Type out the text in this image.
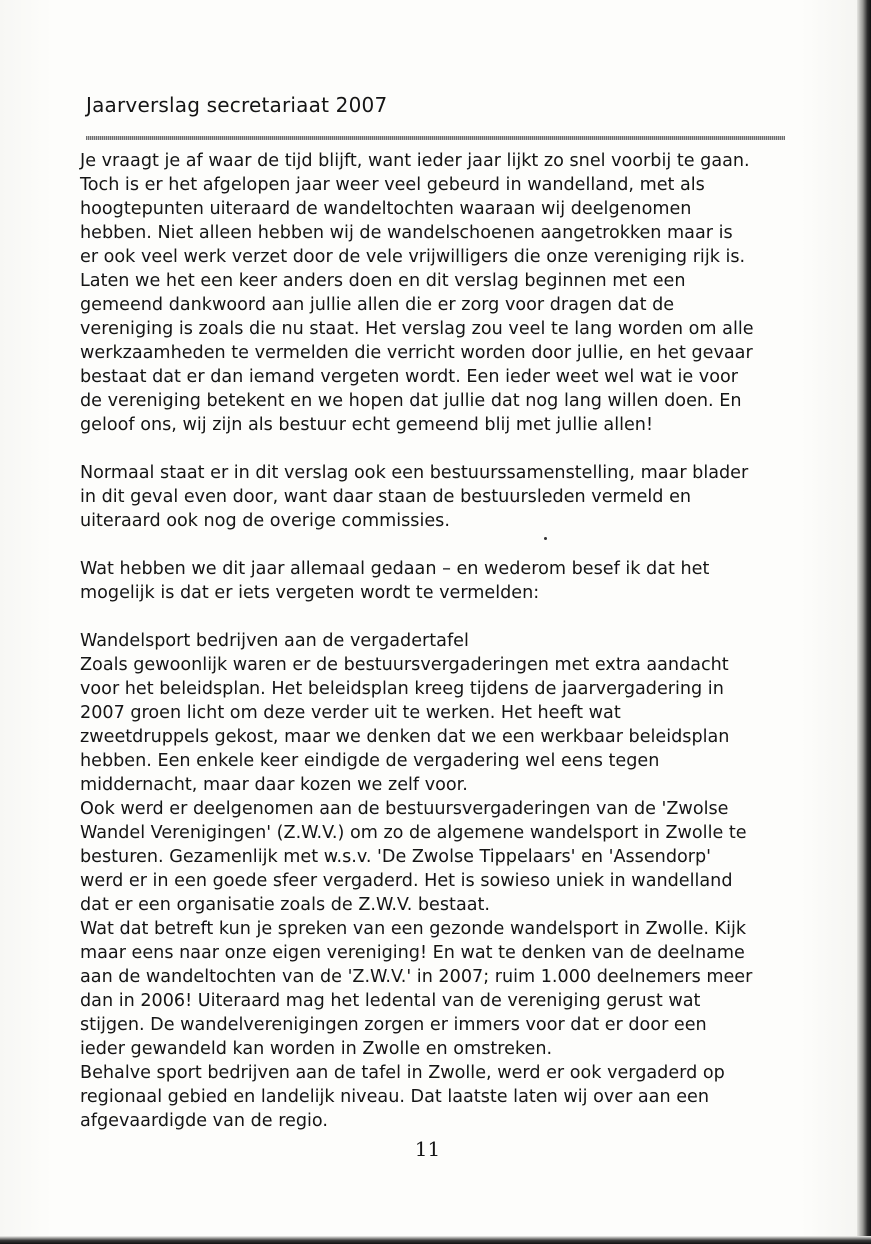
Jaarverslag secretariaat 2007
Je vraagt je af waar de tijd blijft, want ieder jaar lijkt zo snel voorbij te gaan.
Toch is er het afgelopen jaar weer veel gebeurd in wandelland, met als
hoogtepunten uiteraard de wandeltochten waaraan wij deelgenomen
hebben. Niet alleen hebben wij de wandelschoenen aangetrokken maar is
er ook veel werk verzet door de vele vrijwilligers die onze vereniging rijk is.
Laten we het een keer anders doen en dit verslag beginnen met een
gemeend dankwoord aan jullie allen die er zorg voor dragen dat de
vereniging is zoals die nu staat. Het verslag zou veel te lang worden om alle
werkzaamheden te vermelden die verricht worden door jullie, en het gevaar
bestaat dat er dan iemand vergeten wordt. Een ieder weet wel wat ie voor
de vereniging betekent en we hopen dat jullie dat nog lang willen doen. En
geloof ons, wij zijn als bestuur echt gemeend blij met jullie allen!
Normaal staat er in dit verslag ook een bestuurssamenstelling, maar blader
in dit geval even door, want daar staan de bestuursleden vermeld en
uiteraard ook nog de overige commissies.
Wat hebben we dit jaar allemaal gedaan – en wederom besef ik dat het
mogelijk is dat er iets vergeten wordt te vermelden:
Wandelsport bedrijven aan de vergadertafel
Zoals gewoonlijk waren er de bestuursvergaderingen met extra aandacht
voor het beleidsplan. Het beleidsplan kreeg tijdens de jaarvergadering in
2007 groen licht om deze verder uit te werken. Het heeft wat
zweetdruppels gekost, maar we denken dat we een werkbaar beleidsplan
hebben. Een enkele keer eindigde de vergadering wel eens tegen
middernacht, maar daar kozen we zelf voor.
Ook werd er deelgenomen aan de bestuursvergaderingen van de 'Zwolse
Wandel Verenigingen' (Z.W.V.) om zo de algemene wandelsport in Zwolle te
besturen. Gezamenlijk met w.s.v. 'De Zwolse Tippelaars' en 'Assendorp'
werd er in een goede sfeer vergaderd. Het is sowieso uniek in wandelland
dat er een organisatie zoals de Z.W.V. bestaat.
Wat dat betreft kun je spreken van een gezonde wandelsport in Zwolle. Kijk
maar eens naar onze eigen vereniging! En wat te denken van de deelname
aan de wandeltochten van de 'Z.W.V.' in 2007; ruim 1.000 deelnemers meer
dan in 2006! Uiteraard mag het ledental van de vereniging gerust wat
stijgen. De wandelverenigingen zorgen er immers voor dat er door een
ieder gewandeld kan worden in Zwolle en omstreken.
Behalve sport bedrijven aan de tafel in Zwolle, werd er ook vergaderd op
regionaal gebied en landelijk niveau. Dat laatste laten wij over aan een
afgevaardigde van de regio.
11
